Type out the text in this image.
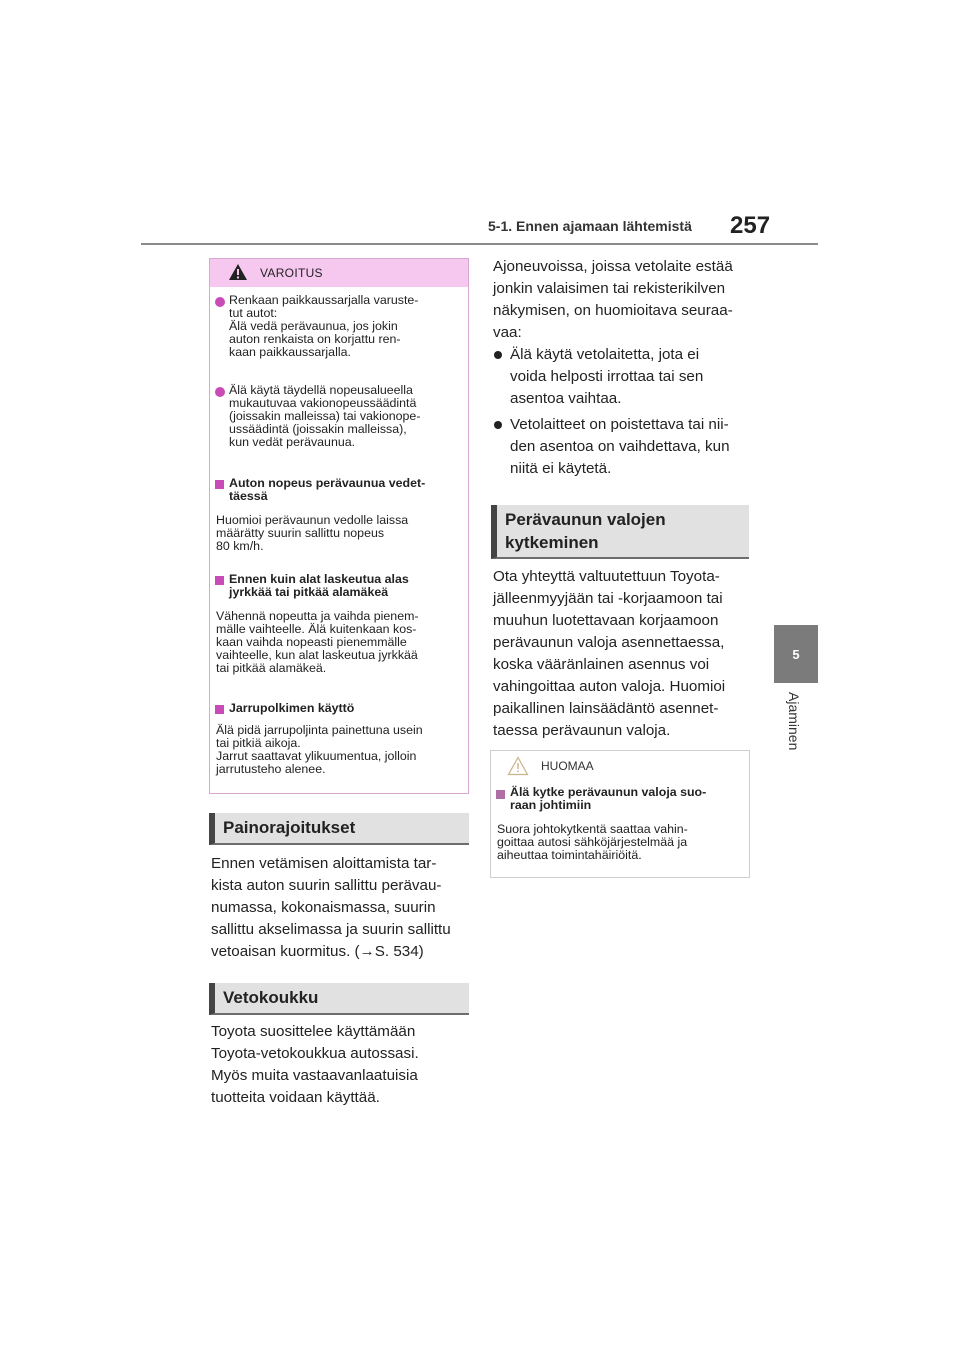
5-1. Ennen ajamaan lähtemistä 257
5
Ajaminen
VAROITUS
Renkaan paikkaussarjalla varuste-
tut autot:
Älä vedä perävaunua, jos jokin
auton renkaista on korjattu ren-
kaan paikkaussarjalla.
Älä käytä täydellä nopeusalueella
mukautuvaa vakionopeussäädintä
(joissakin malleissa) tai vakionope-
ussäädintä (joissakin malleissa),
kun vedät perävaunua.
Auton nopeus perävaunua vedet-
täessä
Huomioi perävaunun vedolle laissa
määrätty suurin sallittu nopeus
80 km/h.
Ennen kuin alat laskeutua alas
jyrkkää tai pitkää alamäkeä
Vähennä nopeutta ja vaihda pienem-
mälle vaihteelle. Älä kuitenkaan kos-
kaan vaihda nopeasti pienemmälle
vaihteelle, kun alat laskeutua jyrkkää
tai pitkää alamäkeä.
Jarrupolkimen käyttö
Älä pidä jarrupoljinta painettuna usein
tai pitkiä aikoja.
Jarrut saattavat ylikuumentua, jolloin
jarrutusteho alenee.
Painorajoitukset
Ennen vetämisen aloittamista tar-
kista auton suurin sallittu perävau-
numassa, kokonaismassa, suurin
sallittu akselimassa ja suurin sallittu
vetoaisan kuormitus. (→S. 534)
Vetokoukku
Toyota suosittelee käyttämään
Toyota-vetokoukkua autossasi.
Myös muita vastaavanlaatuisia
tuotteita voidaan käyttää.
Ajoneuvoissa, joissa vetolaite estää
jonkin valaisimen tai rekisterikilven
näkymisen, on huomioitava seuraa-
vaa:
Älä käytä vetolaitetta, jota ei
voida helposti irrottaa tai sen
asentoa vaihtaa.
Vetolaitteet on poistettava tai nii-
den asentoa on vaihdettava, kun
niitä ei käytetä.
Perävaunun valojen
kytkeminen
Ota yhteyttä valtuutettuun Toyota-
jälleenmyyjään tai -korjaamoon tai
muuhun luotettavaan korjaamoon
perävaunun valoja asennettaessa,
koska vääränlainen asennus voi
vahingoittaa auton valoja. Huomioi
paikallinen lainsäädäntö asennet-
taessa perävaunun valoja.
HUOMAA
Älä kytke perävaunun valoja suo-
raan johtimiin
Suora johtokytkentä saattaa vahin-
goittaa autosi sähköjärjestelmää ja
aiheuttaa toimintahäiriöitä.
